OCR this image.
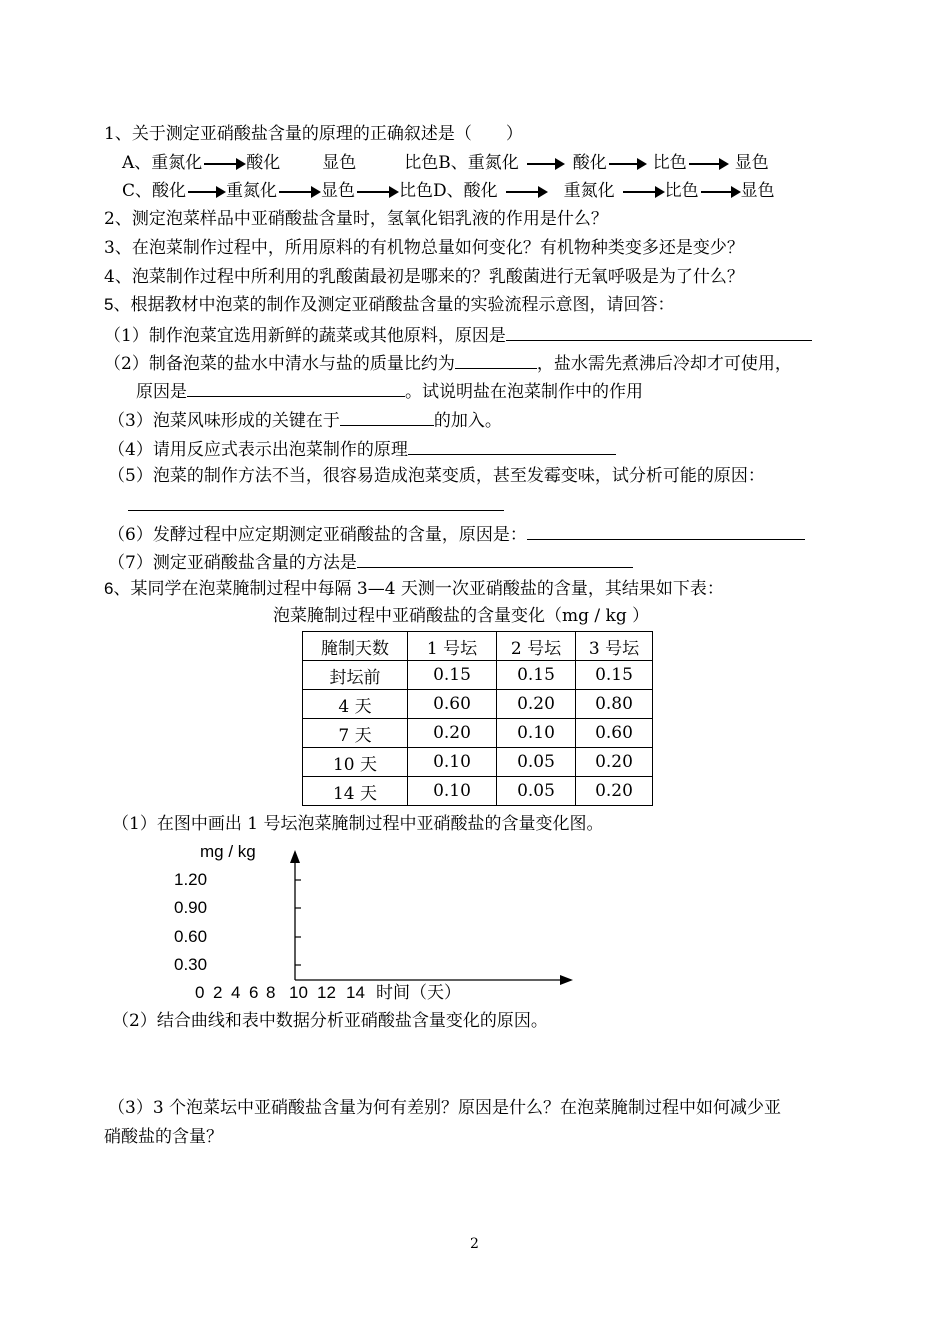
1、关于测定亚硝酸盐含量的原理的正确叙述是（　　）
A、重氮化	酸化 显色	比色B、重氮化	酸化	比色	显色
C、酸化 重氮化	显色	比色D、酸化	重氮化	比色 显色
2、测定泡菜样品中亚硝酸盐含量时，氢氧化铝乳液的作用是什么？
3、在泡菜制作过程中，所用原料的有机物总量如何变化？有机物种类变多还是变少？
4、泡菜制作过程中所利用的乳酸菌最初是哪来的？乳酸菌进行无氧呼吸是为了什么？
5、根据教材中泡菜的制作及测定亚硝酸盐含量的实验流程示意图，请回答：
（1）制作泡菜宜选用新鲜的蔬菜或其他原料，原因是
（2）制备泡菜的盐水中清水与盐的质量比约为	，盐水需先煮沸后冷却才可使用，
原因是	。试说明盐在泡菜制作中的作用
（3）泡菜风味形成的关键在于	的加入。
（4）请用反应式表示出泡菜制作的原理
（5）泡菜的制作方法不当，很容易造成泡菜变质，甚至发霉变味，试分析可能的原因：
（6）发酵过程中应定期测定亚硝酸盐的含量，原因是：
（7）测定亚硝酸盐含量的方法是
6、某同学在泡菜腌制过程中每隔 3—4 天测一次亚硝酸盐的含量，其结果如下表：
泡菜腌制过程中亚硝酸盐的含量变化（mg / kg ）
腌制天数	1 号坛	2 号坛	3 号坛
封坛前	0.15	0.15	0.15
4 天	0.60	0.20	0.80
7 天	0.20	0.10	0.60
10 天	0.10	0.05	0.20
14 天	0.10	0.05	0.20
（1）在图中画出 1 号坛泡菜腌制过程中亚硝酸盐的含量变化图。
mg / kg
1.20
0.90
0.60
0.30
0 2 4 6 8 10 12 14 时间（天）
（2）结合曲线和表中数据分析亚硝酸盐含量变化的原因。
（3）3 个泡菜坛中亚硝酸盐含量为何有差别？原因是什么？在泡菜腌制过程中如何减少亚
硝酸盐的含量？
2
